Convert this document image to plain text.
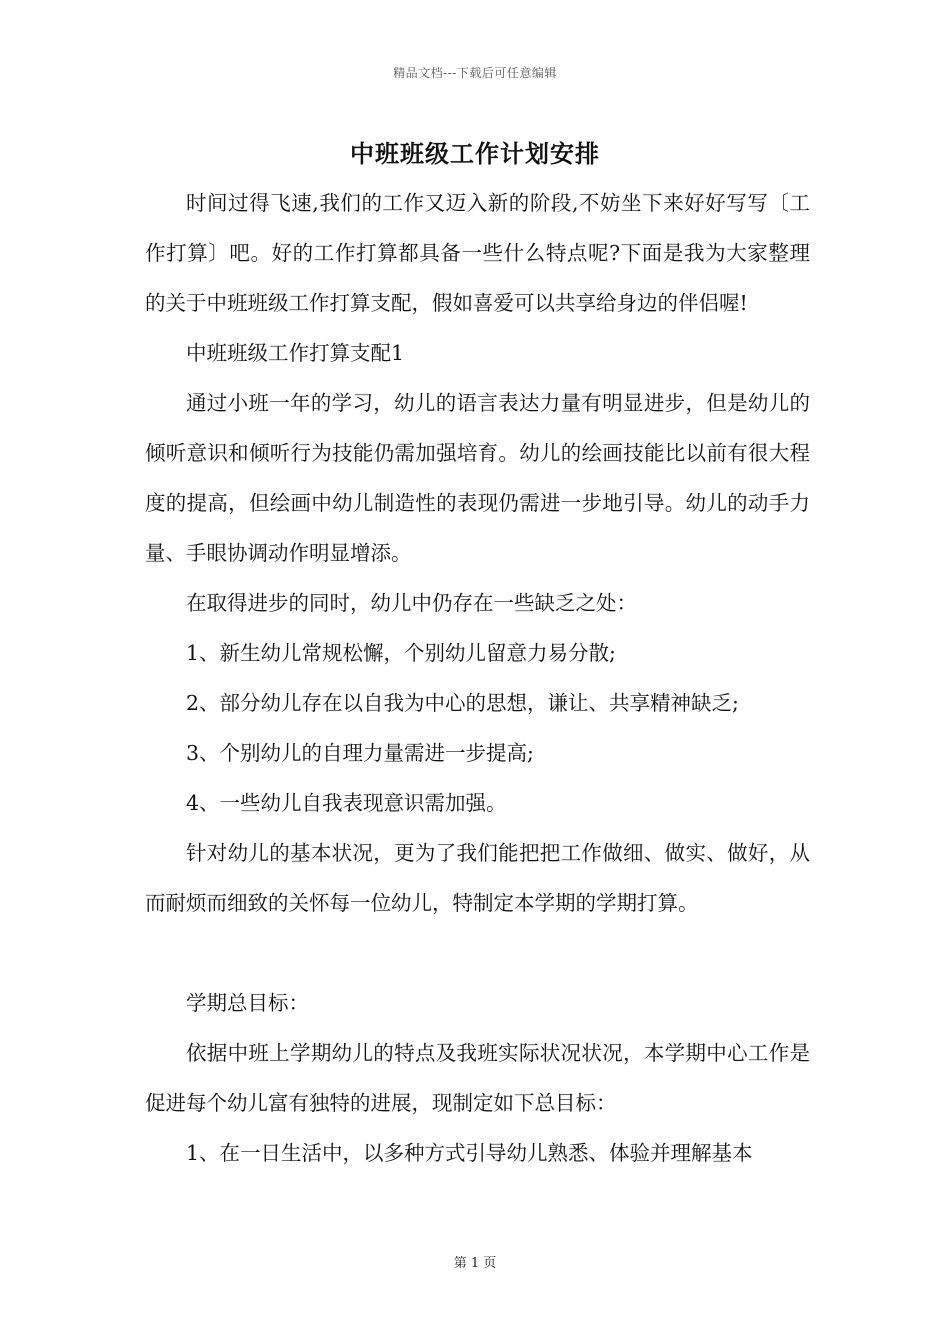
精品文档---下载后可任意编辑
中班班级工作计划安排

时间过得飞速,我们的工作又迈入新的阶段,不妨坐下来好好写写〔工作打算〕吧。好的工作打算都具备一些什么特点呢?下面是我为大家整理的关于中班班级工作打算支配，假如喜爱可以共享给身边的伴侣喔!

中班班级工作打算支配1

通过小班一年的学习，幼儿的语言表达力量有明显进步，但是幼儿的倾听意识和倾听行为技能仍需加强培育。幼儿的绘画技能比以前有很大程度的提高，但绘画中幼儿制造性的表现仍需进一步地引导。幼儿的动手力量、手眼协调动作明显增添。

在取得进步的同时，幼儿中仍存在一些缺乏之处：

1、新生幼儿常规松懈，个别幼儿留意力易分散;

2、部分幼儿存在以自我为中心的思想，谦让、共享精神缺乏;

3、个别幼儿的自理力量需进一步提高;

4、一些幼儿自我表现意识需加强。

针对幼儿的基本状况，更为了我们能把把工作做细、做实、做好，从而耐烦而细致的关怀每一位幼儿，特制定本学期的学期打算。

学期总目标：

依据中班上学期幼儿的特点及我班实际状况状况，本学期中心工作是促进每个幼儿富有独特的进展，现制定如下总目标：

1、在一日生活中，以多种方式引导幼儿熟悉、体验并理解基本

第 1 页
